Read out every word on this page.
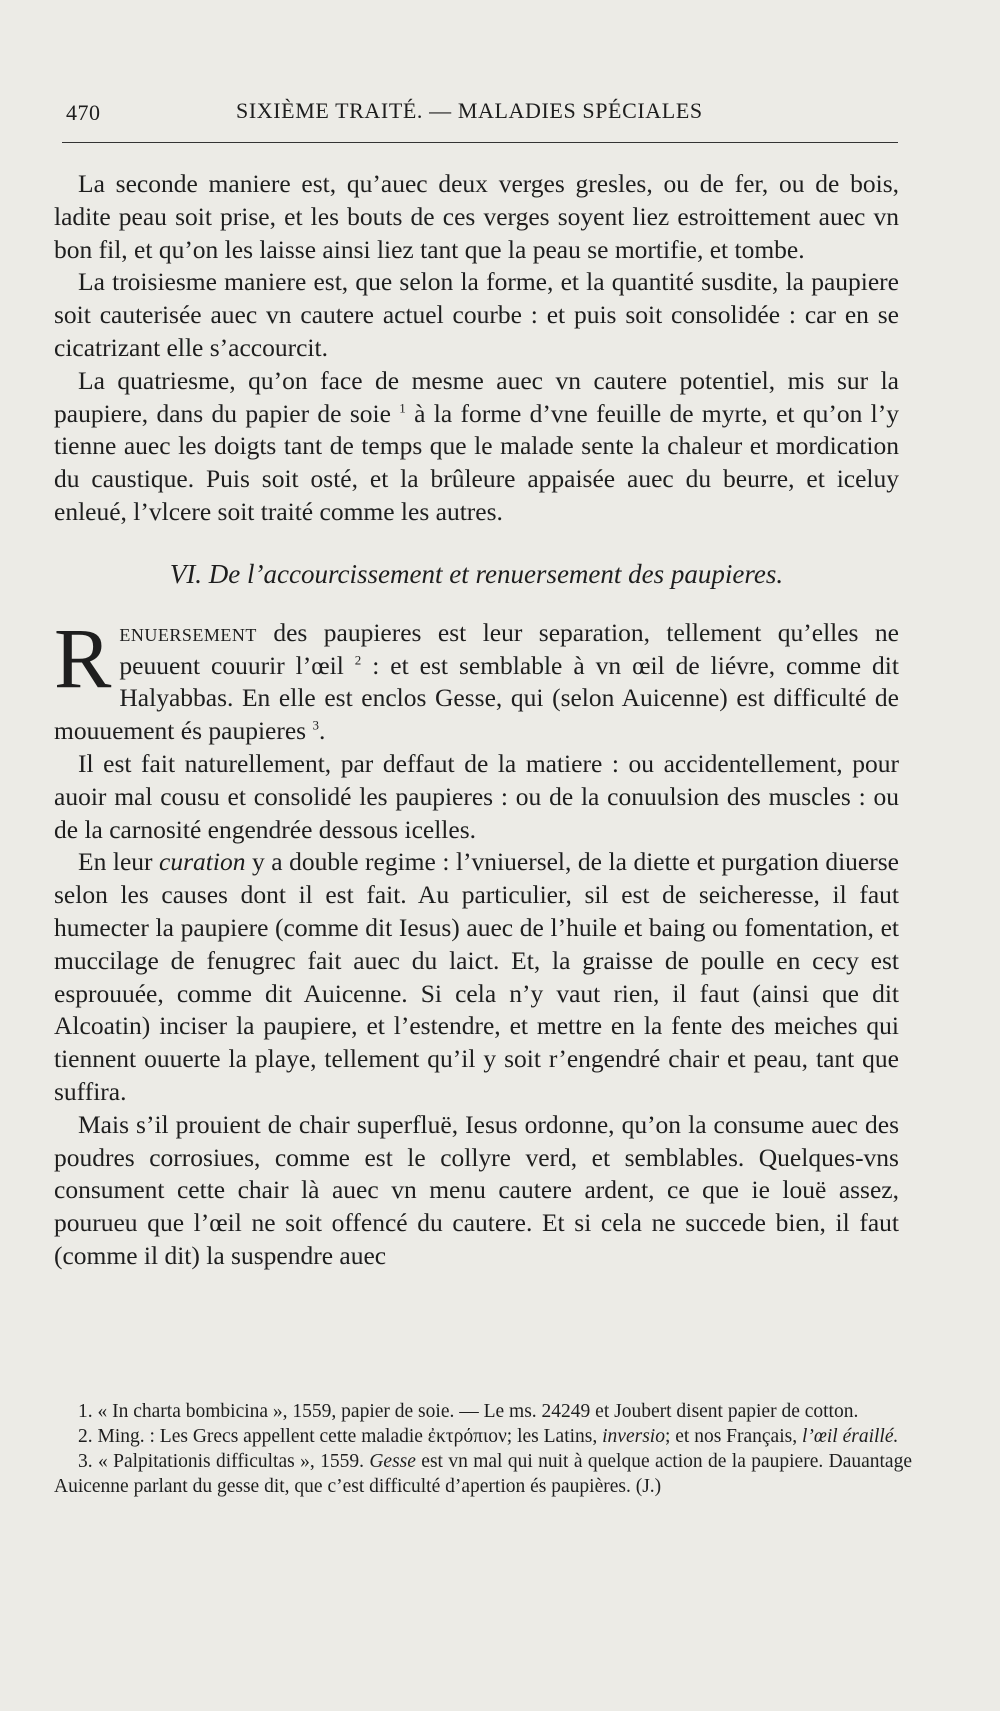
470	SIXIÈME TRAITÉ. — MALADIES SPÉCIALES

La seconde maniere est, qu’auec deux verges gresles, ou de fer, ou de bois, ladite peau soit prise, et les bouts de ces verges soyent liez estroittement auec vn bon fil, et qu’on les laisse ainsi liez tant que la peau se mortifie, et tombe.

La troisiesme maniere est, que selon la forme, et la quantité susdite, la paupiere soit cauterisée auec vn cautere actuel courbe : et puis soit consolidée : car en se cicatrizant elle s’accourcit.

La quatriesme, qu’on face de mesme auec vn cautere potentiel, mis sur la paupiere, dans du papier de soie $^1$ à la forme d’vne feuille de myrte, et qu’on l’y tienne auec les doigts tant de temps que le malade sente la chaleur et mordication du caustique. Puis soit osté, et la brûleure appaisée auec du beurre, et iceluy enleué, l’vlcere soit traité comme les autres.

VI. De l’accourcissement et renuersement des paupieres.

Renuersement des paupieres est leur separation, tellement qu’elles ne peuuent couurir l’œil $^2$ : et est semblable à vn œil de liévre, comme dit Halyabbas. En elle est enclos Gesse, qui (selon Auicenne) est difficulté de mouuement és paupieres $^3$.

Il est fait naturellement, par deffaut de la matiere : ou accidentellement, pour auoir mal cousu et consolidé les paupieres : ou de la conuulsion des muscles : ou de la carnosité engendrée dessous icelles.

En leur curation y a double regime : l’vniuersel, de la diette et purgation diuerse selon les causes dont il est fait. Au particulier, sil est de seicheresse, il faut humecter la paupiere (comme dit Iesus) auec de l’huile et baing ou fomentation, et muccilage de fenugrec fait auec du laict. Et, la graisse de poulle en cecy est esprouuée, comme dit Auicenne. Si cela n’y vaut rien, il faut (ainsi que dit Alcoatin) inciser la paupiere, et l’estendre, et mettre en la fente des meiches qui tiennent ouuerte la playe, tellement qu’il y soit r’engendré chair et peau, tant que suffira.

Mais s’il prouient de chair superfluë, Iesus ordonne, qu’on la consume auec des poudres corrosiues, comme est le collyre verd, et semblables. Quelques-vns consument cette chair là auec vn menu cautere ardent, ce que ie louë assez, pourueu que l’œil ne soit offencé du cautere. Et si cela ne succede bien, il faut (comme il dit) la suspendre auec

1. « In charta bombicina », 1559, papier de soie. — Le ms. 24249 et Joubert disent papier de cotton.

2. Ming. : Les Grecs appellent cette maladie ἐκτρόπιον; les Latins, inversio; et nos Français, l’œil éraillé.

3. « Palpitationis difficultas », 1559. Gesse est vn mal qui nuit à quelque action de la paupiere. Dauantage Auicenne parlant du gesse dit, que c’est difficulté d’apertion és paupières. (J.)
